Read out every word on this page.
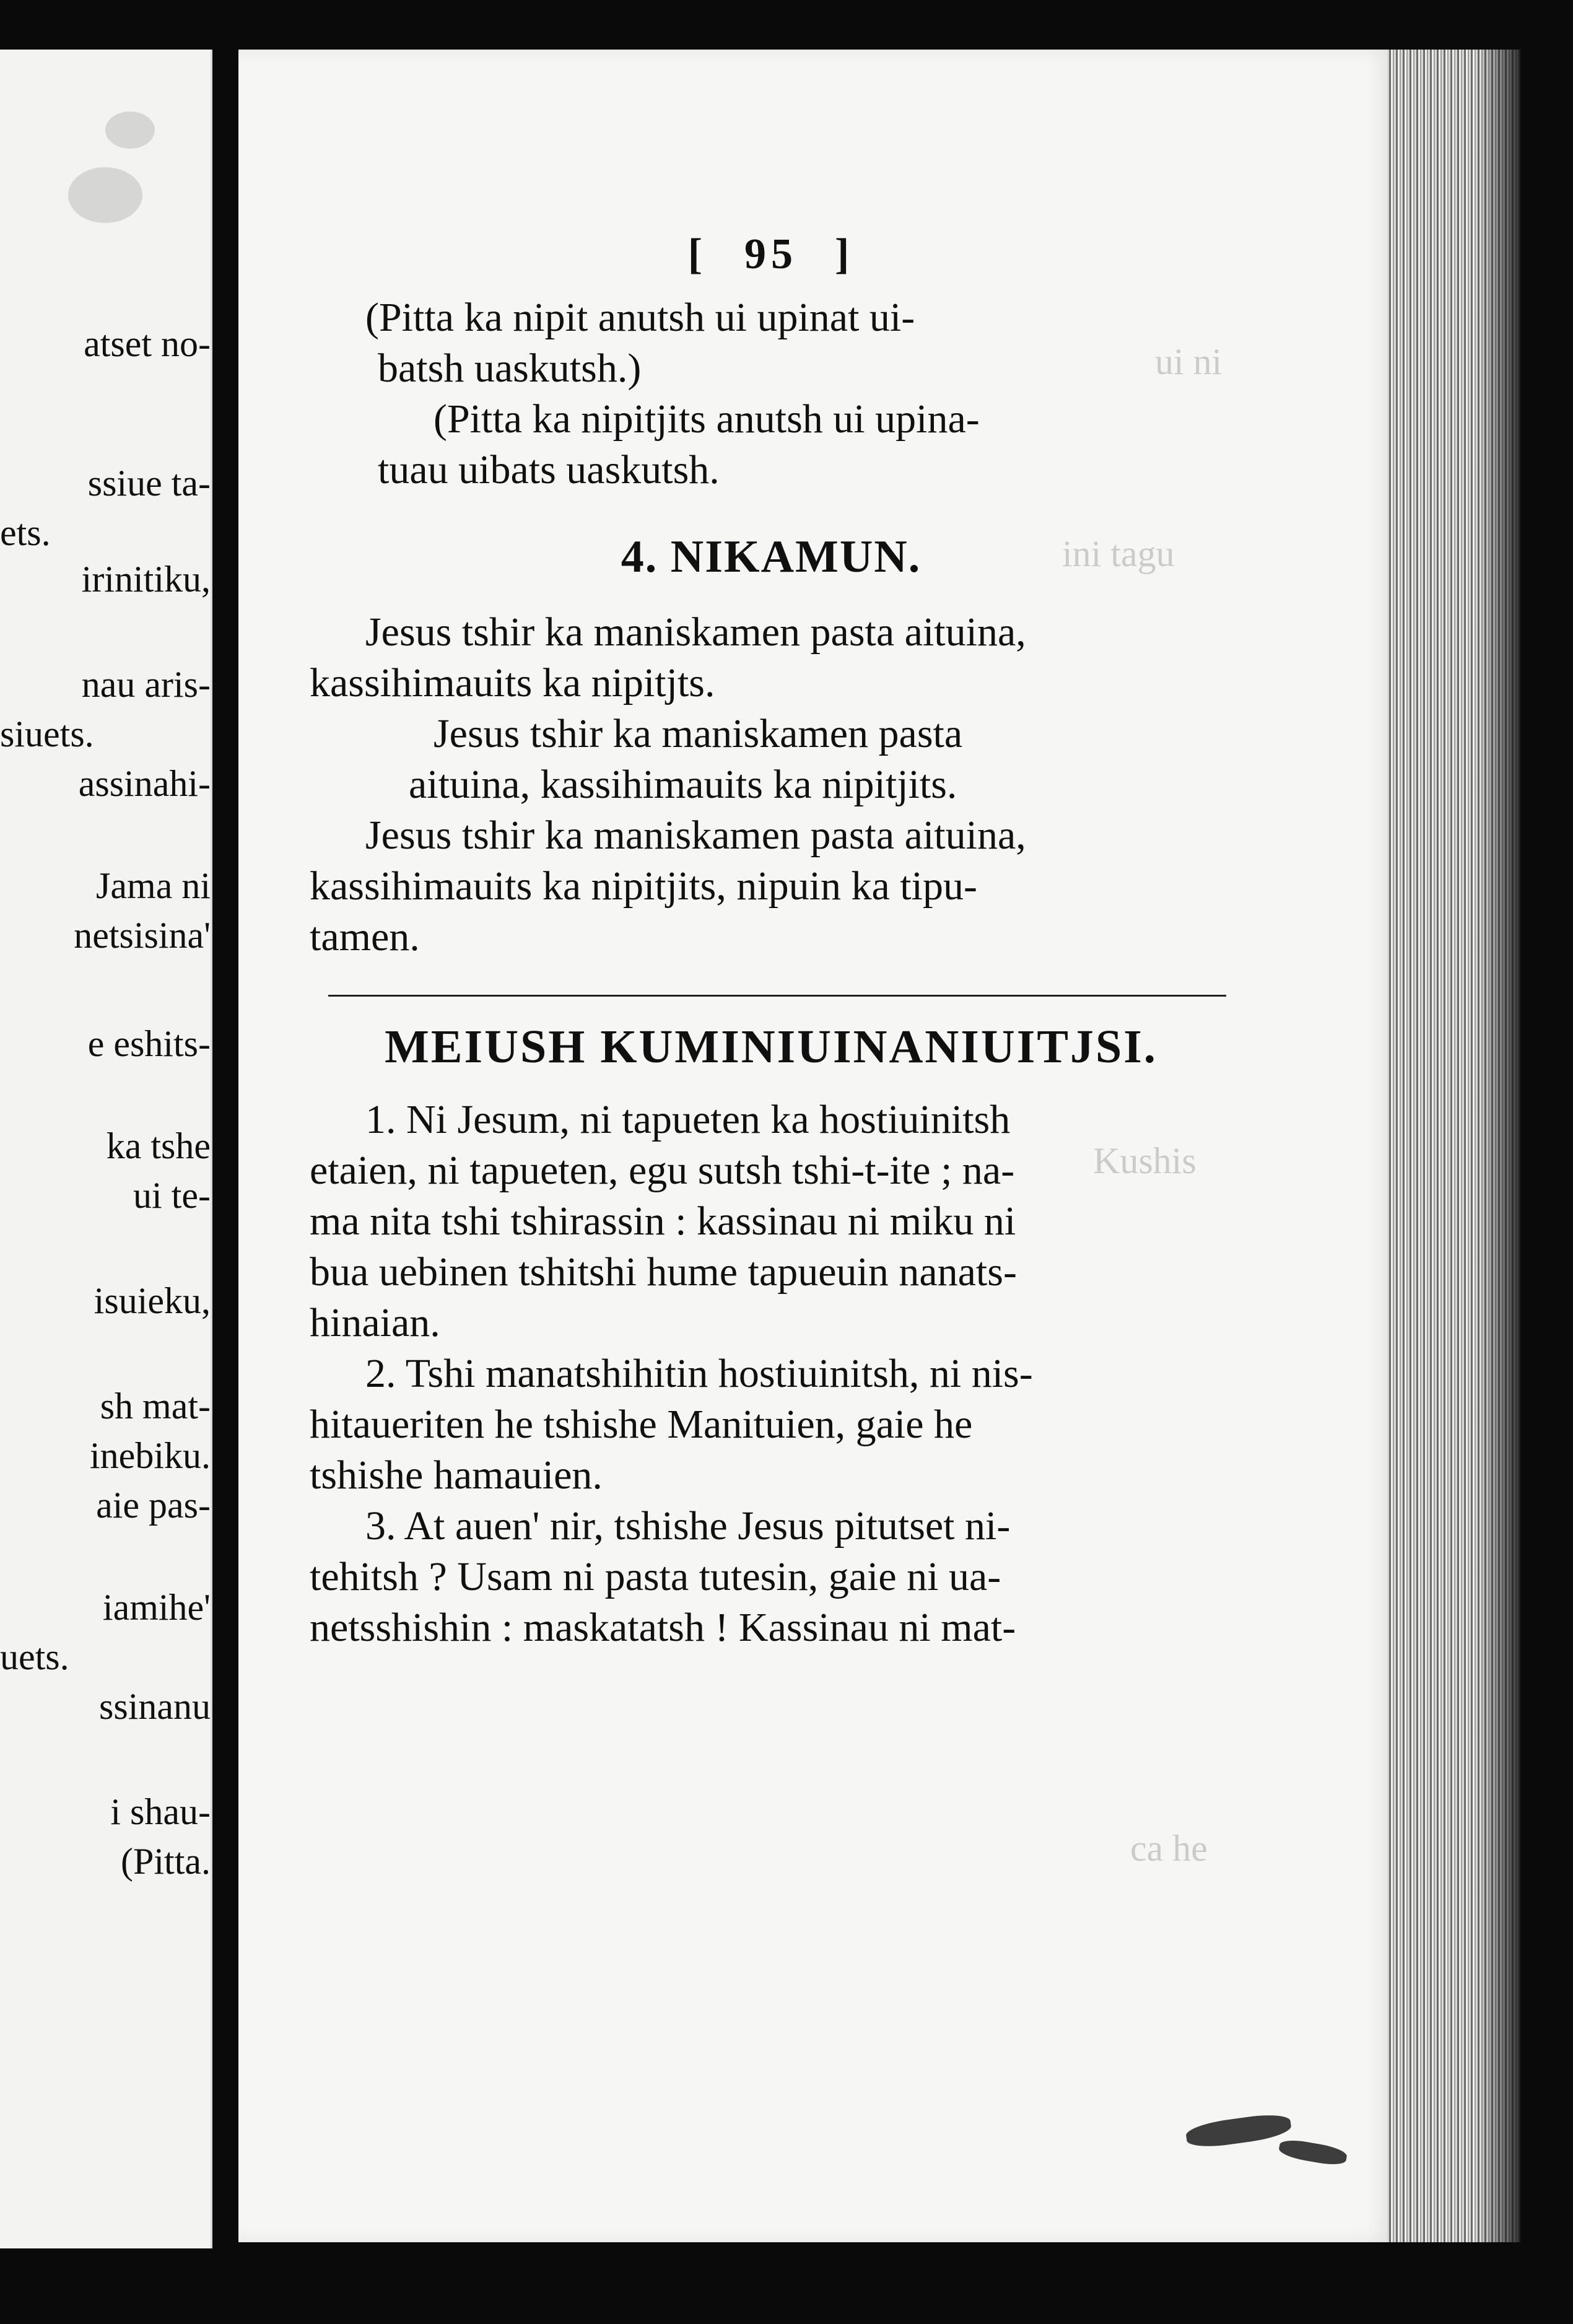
atset no-
ssiue ta-
ets.
irinitiku,
nau aris-
siuets.
assinahi-
Jama ni
netsisina'
e eshits-
ka tshe
ui te-
isuieku,
sh mat-
inebiku.
aie pas-
iamihe'
uets.
ssinanu
i shau-
(Pitta.
ui ni
ini tagu
Kushis
ca he
[ 95 ]

(Pitta ka nipit anutsh ui upinat ui-

batsh uaskutsh.)

(Pitta ka nipitjits anutsh ui upina-

tuau uibats uaskutsh.

4. NIKAMUN.

Jesus tshir ka maniskamen pasta aituina,

kassihimauits ka nipitjts.

Jesus tshir ka maniskamen pasta

aituina, kassihimauits ka nipitjits.

Jesus tshir ka maniskamen pasta aituina,

kassihimauits ka nipitjits, nipuin ka tipu-

tamen.

MEIUSH KUMINIUINANIUITJSI.

1. Ni Jesum, ni tapueten ka hostiuinitsh

etaien, ni tapueten, egu sutsh tshi-t-ite ; na-

ma nita tshi tshirassin : kassinau ni miku ni

bua uebinen tshitshi hume tapueuin nanats-

hinaian.

2. Tshi manatshihitin hostiuinitsh, ni nis-

hitaueriten he tshishe Manituien, gaie he

tshishe hamauien.

3. At auen' nir, tshishe Jesus pitutset ni-

tehitsh ? Usam ni pasta tutesin, gaie ni ua-

netsshishin : maskatatsh ! Kassinau ni mat-
